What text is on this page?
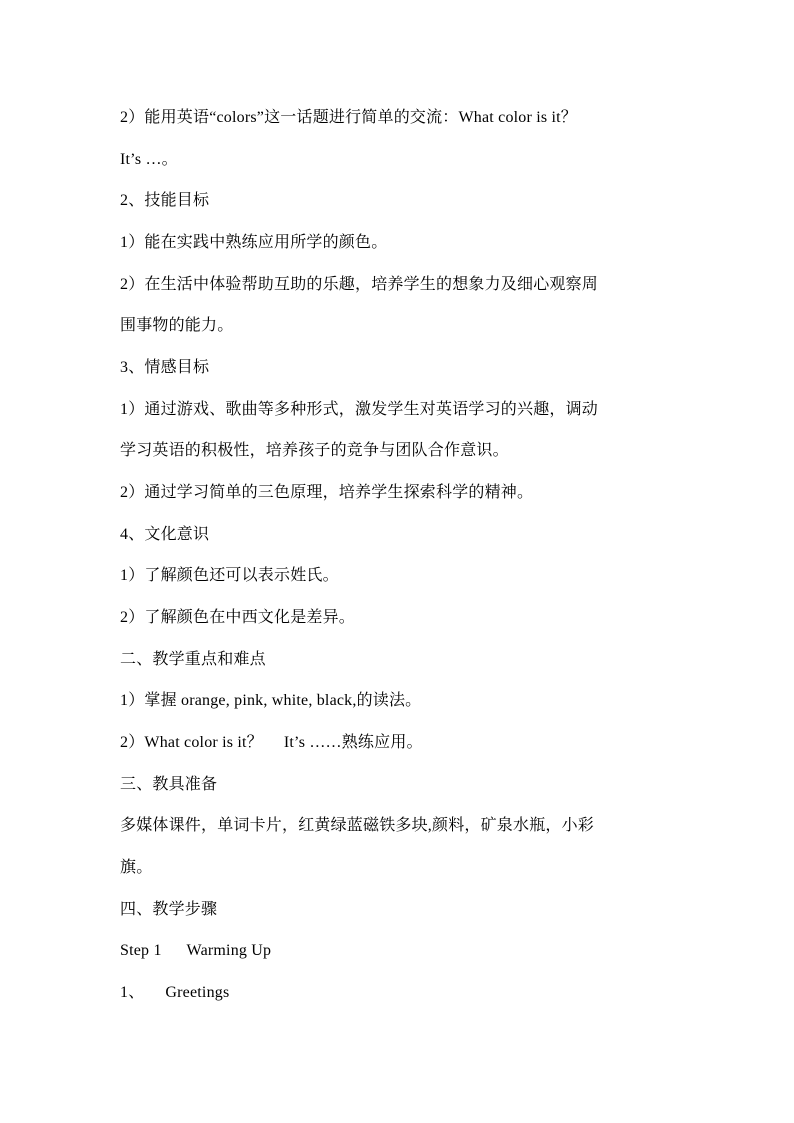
2）能用英语“colors”这一话题进行简单的交流：What color is it？
It’s …。
2、技能目标
1）能在实践中熟练应用所学的颜色。
2）在生活中体验帮助互助的乐趣，培养学生的想象力及细心观察周
围事物的能力。
3、情感目标
1）通过游戏、歌曲等多种形式，激发学生对英语学习的兴趣，调动
学习英语的积极性，培养孩子的竞争与团队合作意识。
2）通过学习简单的三色原理，培养学生探索科学的精神。
4、文化意识
1）了解颜色还可以表示姓氏。
2）了解颜色在中西文化是差异。
二、教学重点和难点
1）掌握 orange, pink, white, black,的读法。
2）What color is it？     It’s ……熟练应用。
三、教具准备
多媒体课件，单词卡片，红黄绿蓝磁铁多块,颜料，矿泉水瓶，小彩
旗。
四、教学步骤
Step 1      Warming Up
1、     Greetings
